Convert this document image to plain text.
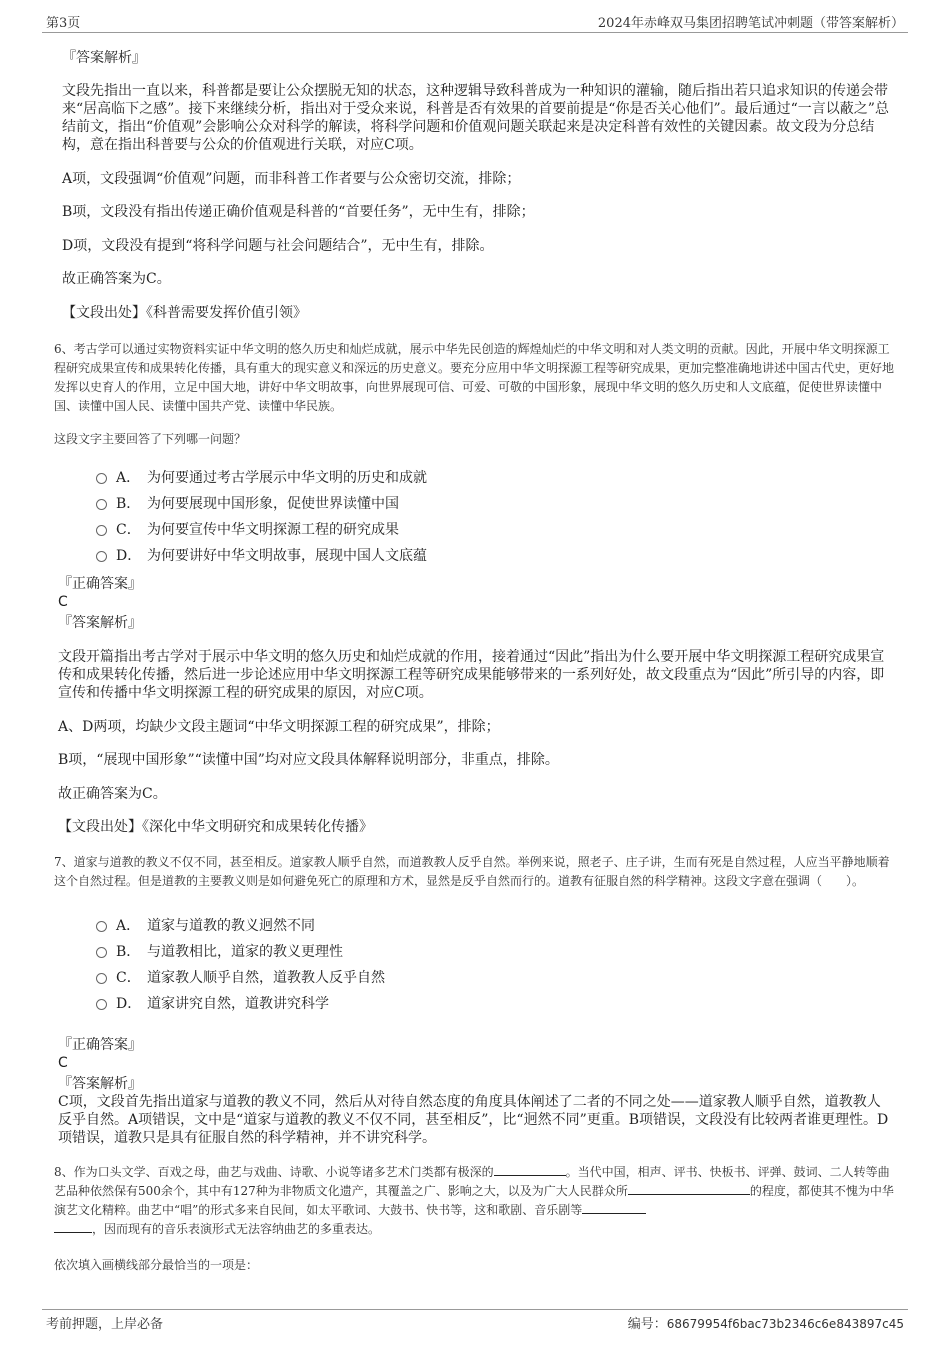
第3页	2024年赤峰双马集团招聘笔试冲刺题（带答案解析）
『答案解析』
文段先指出一直以来，科普都是要让公众摆脱无知的状态，这种逻辑导致科普成为一种知识的灌输，随后指出若只追求知识的传递会带来“居高临下之感”。接下来继续分析，指出对于受众来说，科普是否有效果的首要前提是“你是否关心他们”。最后通过“一言以蔽之”总结前文，指出“价值观”会影响公众对科学的解读，将科学问题和价值观问题关联起来是决定科普有效性的关键因素。故文段为分总结构，意在指出科普要与公众的价值观进行关联，对应C项。
A项，文段强调“价值观”问题，而非科普工作者要与公众密切交流，排除；
B项，文段没有指出传递正确价值观是科普的“首要任务”，无中生有，排除；
D项，文段没有提到“将科学问题与社会问题结合”，无中生有，排除。
故正确答案为C。
【文段出处】《科普需要发挥价值引领》
6、考古学可以通过实物资料实证中华文明的悠久历史和灿烂成就，展示中华先民创造的辉煌灿烂的中华文明和对人类文明的贡献。因此，开展中华文明探源工程研究成果宣传和成果转化传播，具有重大的现实意义和深远的历史意义。要充分应用中华文明探源工程等研究成果，更加完整准确地讲述中国古代史，更好地发挥以史育人的作用，立足中国大地，讲好中华文明故事，向世界展现可信、可爱、可敬的中国形象，展现中华文明的悠久历史和人文底蕴，促使世界读懂中国、读懂中国人民、读懂中国共产党、读懂中华民族。
这段文字主要回答了下列哪一问题？
A． 为何要通过考古学展示中华文明的历史和成就
B． 为何要展现中国形象，促使世界读懂中国
C． 为何要宣传中华文明探源工程的研究成果
D． 为何要讲好中华文明故事，展现中国人文底蕴
『正确答案』
C
『答案解析』
文段开篇指出考古学对于展示中华文明的悠久历史和灿烂成就的作用，接着通过“因此”指出为什么要开展中华文明探源工程研究成果宣传和成果转化传播，然后进一步论述应用中华文明探源工程等研究成果能够带来的一系列好处，故文段重点为“因此”所引导的内容，即宣传和传播中华文明探源工程的研究成果的原因，对应C项。
A、D两项，均缺少文段主题词“中华文明探源工程的研究成果”，排除；
B项，“展现中国形象”“读懂中国”均对应文段具体解释说明部分，非重点，排除。
故正确答案为C。
【文段出处】《深化中华文明研究和成果转化传播》
7、道家与道教的教义不仅不同，甚至相反。道家教人顺乎自然，而道教教人反乎自然。举例来说，照老子、庄子讲，生而有死是自然过程，人应当平静地顺着这个自然过程。但是道教的主要教义则是如何避免死亡的原理和方术，显然是反乎自然而行的。道教有征服自然的科学精神。这段文字意在强调（　　）。
A． 道家与道教的教义迥然不同
B． 与道教相比，道家的教义更理性
C． 道家教人顺乎自然，道教教人反乎自然
D． 道家讲究自然，道教讲究科学
『正确答案』
C
『答案解析』
C项，文段首先指出道家与道教的教义不同，然后从对待自然态度的角度具体阐述了二者的不同之处——道家教人顺乎自然，道教教人反乎自然。A项错误，文中是“道家与道教的教义不仅不同，甚至相反”，比“迥然不同”更重。B项错误，文段没有比较两者谁更理性。D项错误，道教只是具有征服自然的科学精神，并不讲究科学。
8、作为口头文学、百戏之母，曲艺与戏曲、诗歌、小说等诸多艺术门类都有极深的	。当代中国，相声、评书、快板书、评弹、鼓词、二人转等曲艺品种依然保有500余个，其中有127种为非物质文化遗产，其覆盖之广、影响之大，以及为广大人民群众所	的程度，都使其不愧为中华演艺文化精粹。曲艺中“唱”的形式多来自民间，如太平歌词、大鼓书、快书等，这和歌剧、音乐剧等
，因而现有的音乐表演形式无法容纳曲艺的多重表达。
依次填入画横线部分最恰当的一项是：
考前押题，上岸必备	编号：68679954f6bac73b2346c6e843897c45
